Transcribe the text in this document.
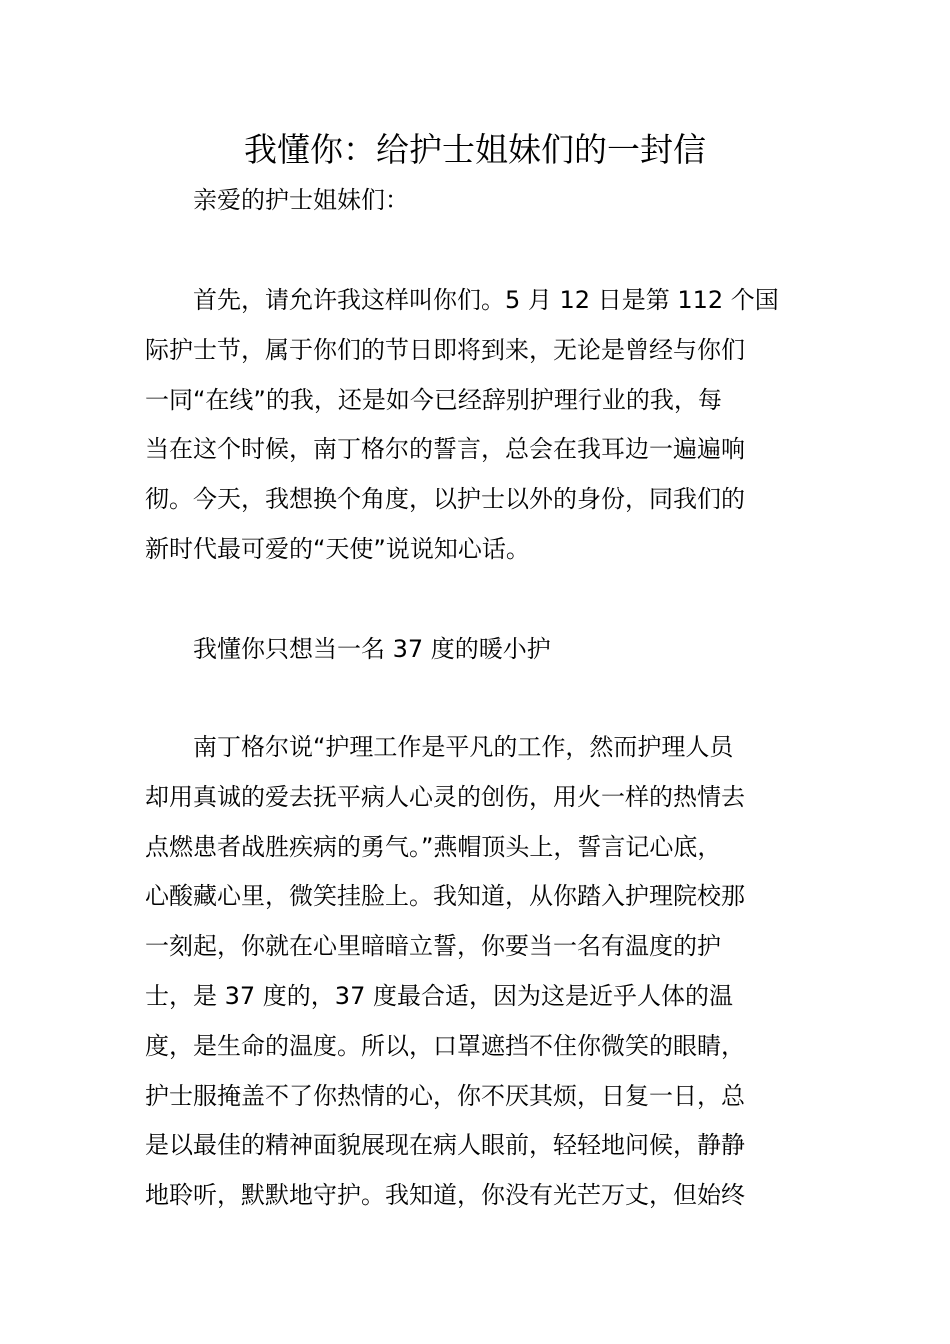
我懂你：给护士姐妹们的一封信

亲爱的护士姐妹们：

首先，请允许我这样叫你们。5 月 12 日是第 112 个国
际护士节，属于你们的节日即将到来，无论是曾经与你们
一同“在线”的我，还是如今已经辞别护理行业的我，每
当在这个时候，南丁格尔的誓言，总会在我耳边一遍遍响
彻。今天，我想换个角度，以护士以外的身份，同我们的
新时代最可爱的“天使”说说知心话。

我懂你只想当一名 37 度的暖小护

南丁格尔说“护理工作是平凡的工作，然而护理人员
却用真诚的爱去抚平病人心灵的创伤，用火一样的热情去
点燃患者战胜疾病的勇气。”燕帽顶头上，誓言记心底，
心酸藏心里，微笑挂脸上。我知道，从你踏入护理院校那
一刻起，你就在心里暗暗立誓，你要当一名有温度的护
士，是 37 度的，37 度最合适，因为这是近乎人体的温
度，是生命的温度。所以，口罩遮挡不住你微笑的眼睛，
护士服掩盖不了你热情的心，你不厌其烦，日复一日，总
是以最佳的精神面貌展现在病人眼前，轻轻地问候，静静
地聆听，默默地守护。我知道，你没有光芒万丈，但始终
